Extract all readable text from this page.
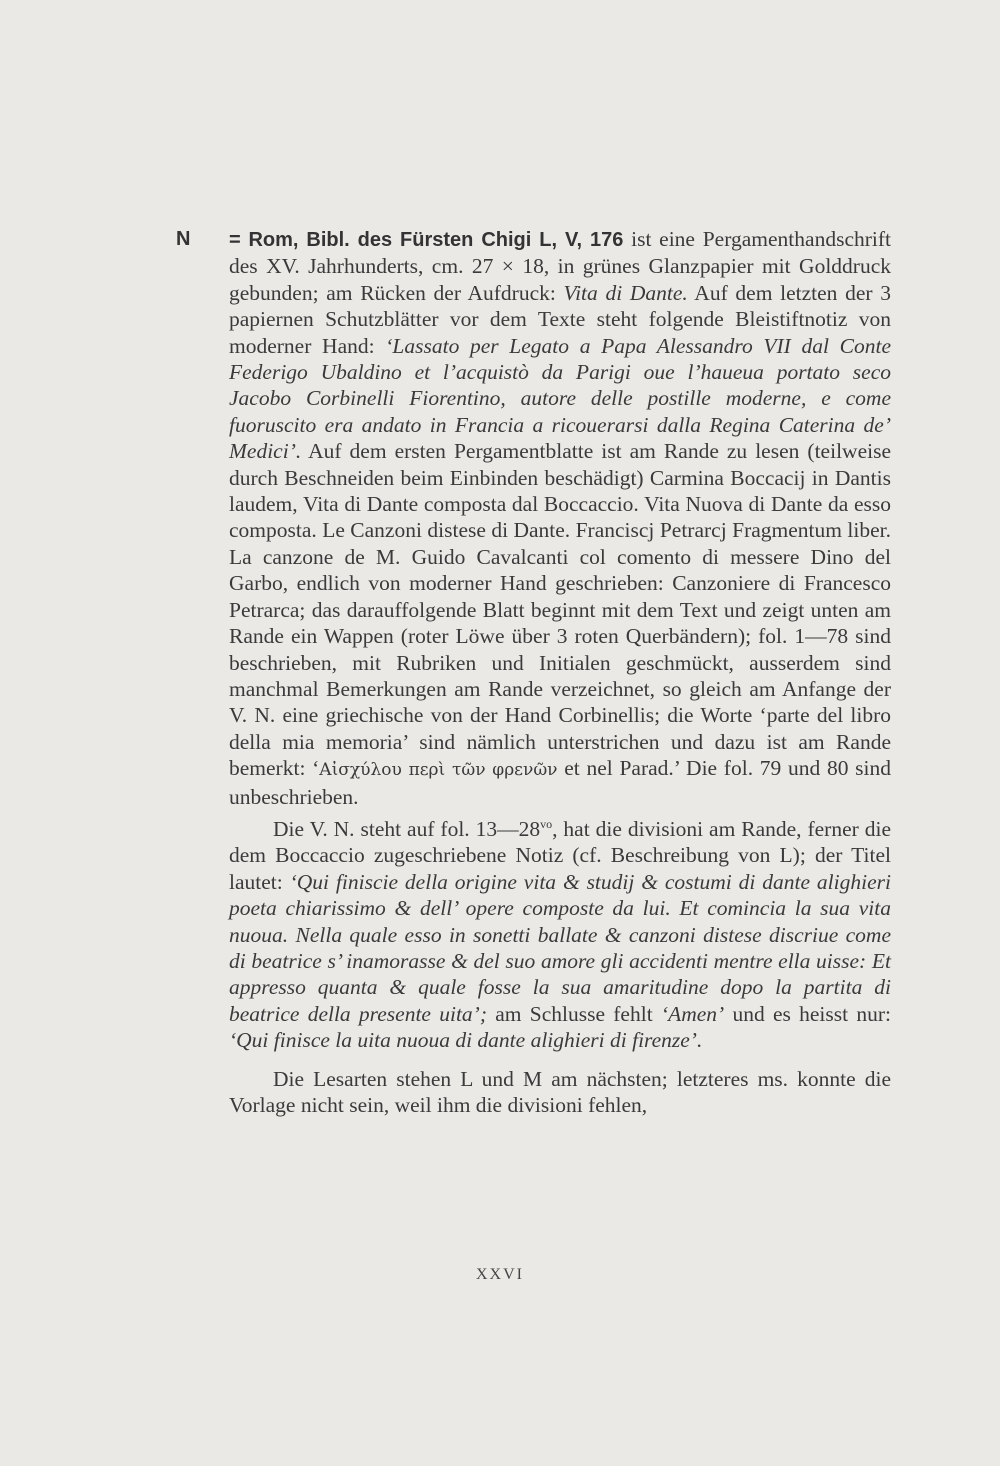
N = Rom, Bibl. des Fürsten Chigi L, V, 176 ist eine Pergamenthandschrift des XV. Jahrhunderts, cm. 27 × 18, in grünes Glanzpapier mit Golddruck gebunden; am Rücken der Aufdruck: Vita di Dante. Auf dem letzten der 3 papiernen Schutzblätter vor dem Texte steht folgende Bleistiftnotiz von moderner Hand: ‘Lassato per Legato a Papa Alessandro VII dal Conte Federigo Ubaldino et l’acquistò da Parigi oue l’haueua portato seco Jacobo Corbinelli Fiorentino, autore delle postille moderne, e come fuoruscito era andato in Francia a ricouerarsi dalla Regina Caterina de’ Medici’. Auf dem ersten Pergamentblatte ist am Rande zu lesen (teilweise durch Beschneiden beim Einbinden beschädigt) Carmina Boccacij in Dantis laudem, Vita di Dante composta dal Boccaccio. Vita Nuova di Dante da esso composta. Le Canzoni distese di Dante. Franciscj Petrarcj Fragmentum liber. La canzone de M. Guido Cavalcanti col comento di messere Dino del Garbo, endlich von moderner Hand geschrieben: Canzoniere di Francesco Petrarca; das darauffolgende Blatt beginnt mit dem Text und zeigt unten am Rande ein Wappen (roter Löwe über 3 roten Querbändern); fol. 1—78 sind beschrieben, mit Rubriken und Initialen geschmückt, ausserdem sind manchmal Bemerkungen am Rande verzeichnet, so gleich am Anfange der V. N. eine griechische von der Hand Corbinellis; die Worte ‘parte del libro della mia memoria’ sind nämlich unterstrichen und dazu ist am Rande bemerkt: ‘Αἰσχύλου περὶ τῶν φρενῶν et nel Parad.’ Die fol. 79 und 80 sind unbeschrieben.

Die V. N. steht auf fol. $13—28^{vo}$, hat die divisioni am Rande, ferner die dem Boccaccio zugeschriebene Notiz (cf. Beschreibung von L); der Titel lautet: ‘Qui finiscie della origine vita & studij & costumi di dante alighieri poeta chiarissimo & dell’ opere composte da lui. Et comincia la sua vita nuoua. Nella quale esso in sonetti ballate & canzoni distese discriue come di beatrice s’ inamorasse & del suo amore gli accidenti mentre ella uisse: Et appresso quanta & quale fosse la sua amaritudine dopo la partita di beatrice della presente uita’; am Schlusse fehlt ‘Amen’ und es heisst nur: ‘Qui finisce la uita nuoua di dante alighieri di firenze’.

Die Lesarten stehen L und M am nächsten; letzteres ms. konnte die Vorlage nicht sein, weil ihm die divisioni fehlen,

XXVI
